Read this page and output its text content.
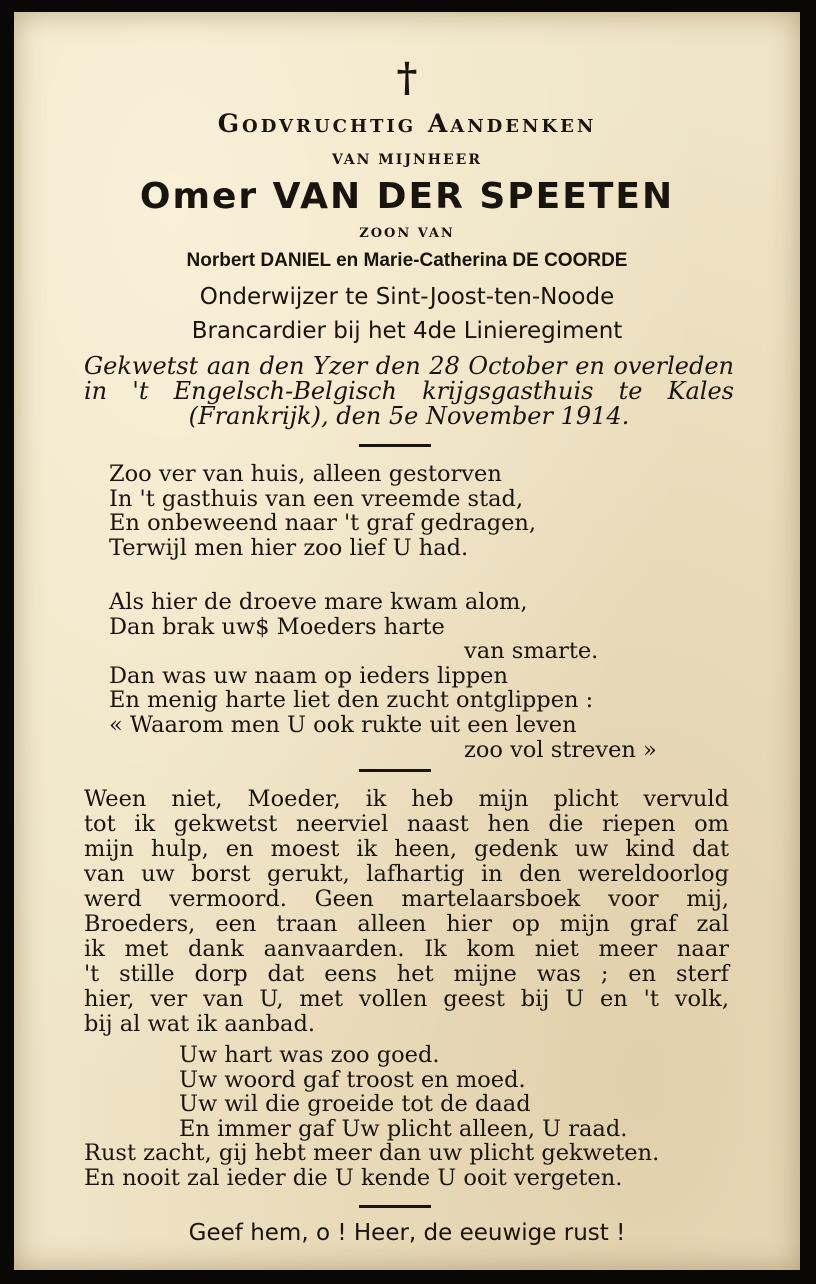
†
Godvruchtig Aandenken
VAN MIJNHEER
Omer VAN DER SPEETEN
ZOON VAN
Norbert DANIEL en Marie-Catherina DE COORDE
Onderwijzer te Sint-Joost-ten-Noode
Brancardier bij het 4de Linieregiment
Gekwetst aan den Yzer den 28 October en overleden in 't Engelsch-Belgisch krijgsgasthuis te Kales (Frankrijk), den 5e November 1914.
Zoo ver van huis, alleen gestorven
In 't gasthuis van een vreemde stad,
En onbeweend naar 't graf gedragen,
Terwijl men hier zoo lief U had.
Als hier de droeve mare kwam alom,
Dan brak uw$ Moeders harte
van smarte.
Dan was uw naam op ieders lippen
En menig harte liet den zucht ontglippen :
« Waarom men U ook rukte uit een leven
zoo vol streven »
Ween niet, Moeder, ik heb mijn plicht vervuld
tot ik gekwetst neerviel naast hen die riepen om
mijn hulp, en moest ik heen, gedenk uw kind dat
van uw borst gerukt, lafhartig in den wereldoorlog
werd vermoord. Geen martelaarsboek voor mij,
Broeders, een traan alleen hier op mijn graf zal
ik met dank aanvaarden. Ik kom niet meer naar
't stille dorp dat eens het mijne was ; en sterf
hier, ver van U, met vollen geest bij U en 't volk,
bij al wat ik aanbad.
Uw hart was zoo goed.
Uw woord gaf troost en moed.
Uw wil die groeide tot de daad
En immer gaf Uw plicht alleen, U raad.
Rust zacht, gij hebt meer dan uw plicht gekweten.
En nooit zal ieder die U kende U ooit vergeten.
Geef hem, o ! Heer, de eeuwige rust !
